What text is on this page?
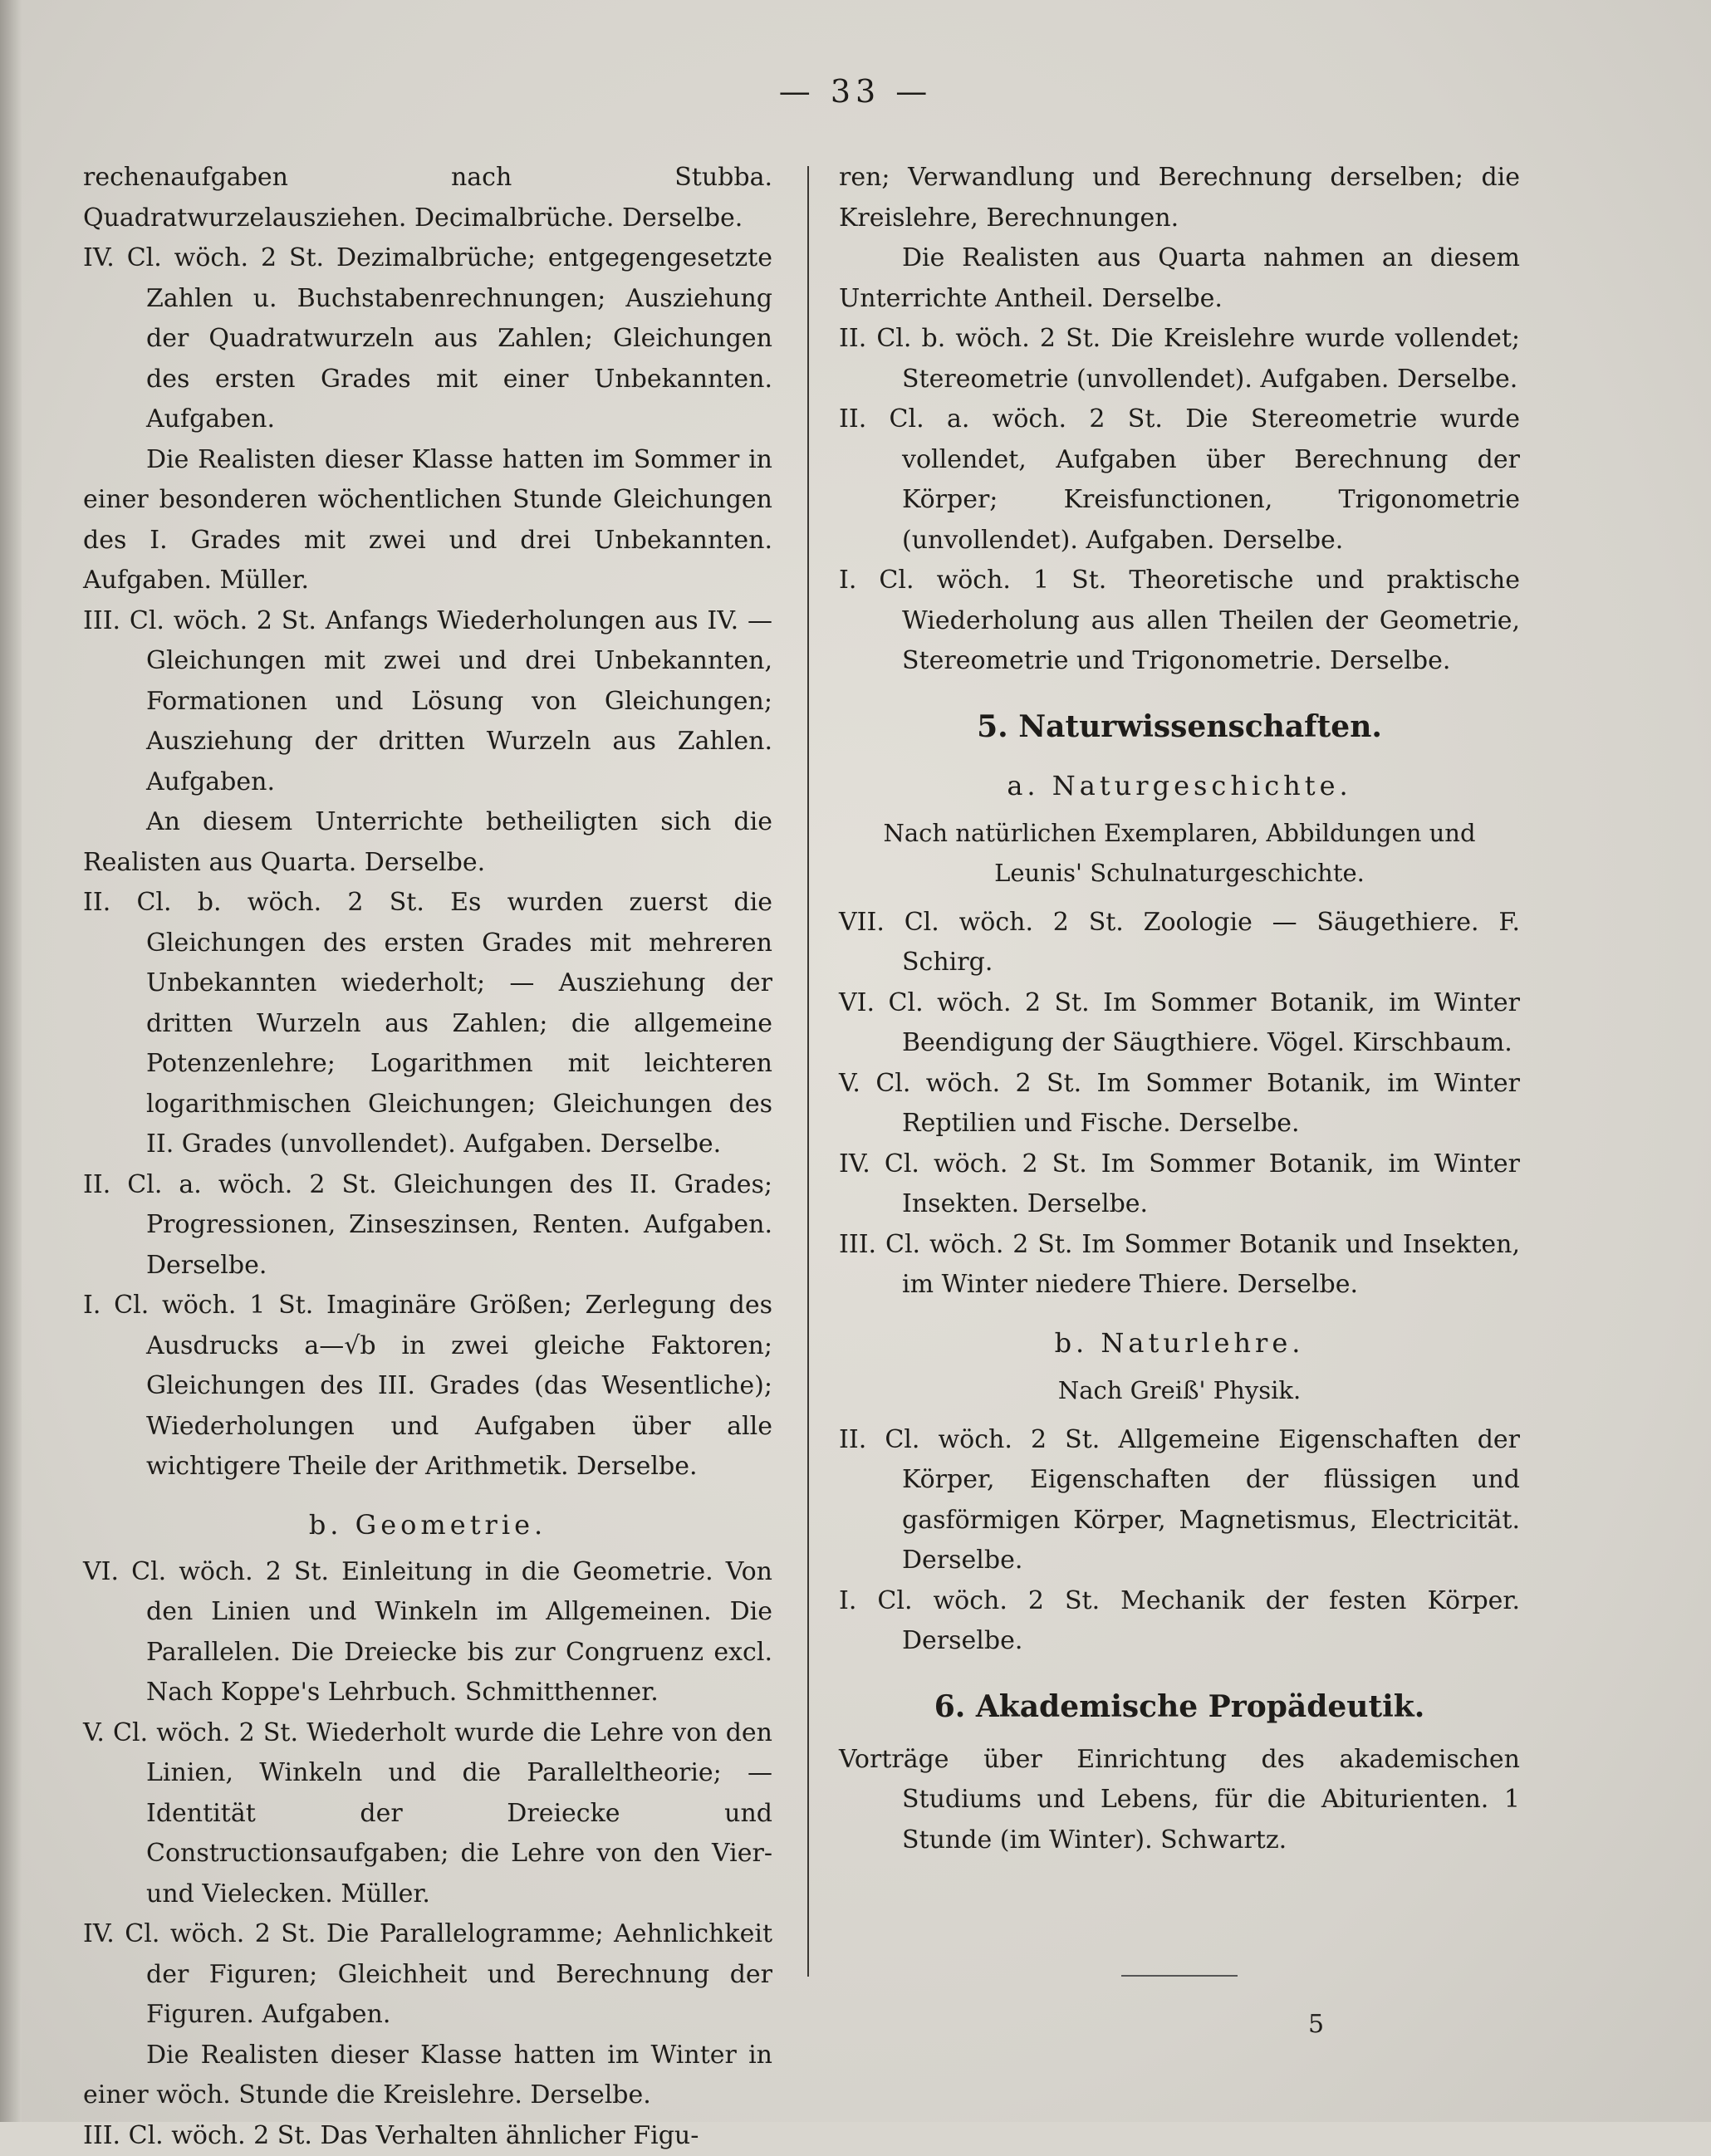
— 33 —

rechenaufgaben nach Stubba. Quadratwurzelausziehen. Decimalbrüche. Derselbe.

IV. Cl. wöch. 2 St. Dezimalbrüche; entgegengesetzte Zahlen u. Buchstabenrechnungen; Ausziehung der Quadratwurzeln aus Zahlen; Gleichungen des ersten Grades mit einer Unbekannten. Aufgaben.

Die Realisten dieser Klasse hatten im Sommer in einer besonderen wöchentlichen Stunde Gleichungen des I. Grades mit zwei und drei Unbekannten. Aufgaben. Müller.

III. Cl. wöch. 2 St. Anfangs Wiederholungen aus IV. — Gleichungen mit zwei und drei Unbekannten, Formationen und Lösung von Gleichungen; Ausziehung der dritten Wurzeln aus Zahlen. Aufgaben.

An diesem Unterrichte betheiligten sich die Realisten aus Quarta. Derselbe.

II. Cl. b. wöch. 2 St. Es wurden zuerst die Gleichungen des ersten Grades mit mehreren Unbekannten wiederholt; — Ausziehung der dritten Wurzeln aus Zahlen; die allgemeine Potenzenlehre; Logarithmen mit leichteren logarithmischen Gleichungen; Gleichungen des II. Grades (unvollendet). Aufgaben. Derselbe.

II. Cl. a. wöch. 2 St. Gleichungen des II. Grades; Progressionen, Zinseszinsen, Renten. Aufgaben. Derselbe.

I. Cl. wöch. 1 St. Imaginäre Größen; Zerlegung des Ausdrucks a—√b in zwei gleiche Faktoren; Gleichungen des III. Grades (das Wesentliche); Wiederholungen und Aufgaben über alle wichtigere Theile der Arithmetik. Derselbe.

b. Geometrie.

VI. Cl. wöch. 2 St. Einleitung in die Geometrie. Von den Linien und Winkeln im Allgemeinen. Die Parallelen. Die Dreiecke bis zur Congruenz excl. Nach Koppe's Lehrbuch. Schmitthenner.

V. Cl. wöch. 2 St. Wiederholt wurde die Lehre von den Linien, Winkeln und die Paralleltheorie; — Identität der Dreiecke und Constructionsaufgaben; die Lehre von den Vier- und Vielecken. Müller.

IV. Cl. wöch. 2 St. Die Parallelogramme; Aehnlichkeit der Figuren; Gleichheit und Berechnung der Figuren. Aufgaben.

Die Realisten dieser Klasse hatten im Winter in einer wöch. Stunde die Kreislehre. Derselbe.

III. Cl. wöch. 2 St. Das Verhalten ähnlicher Figu-

ren; Verwandlung und Berechnung derselben; die Kreislehre, Berechnungen.

Die Realisten aus Quarta nahmen an diesem Unterrichte Antheil. Derselbe.

II. Cl. b. wöch. 2 St. Die Kreislehre wurde vollendet; Stereometrie (unvollendet). Aufgaben. Derselbe.

II. Cl. a. wöch. 2 St. Die Stereometrie wurde vollendet, Aufgaben über Berechnung der Körper; Kreisfunctionen, Trigonometrie (unvollendet). Aufgaben. Derselbe.

I. Cl. wöch. 1 St. Theoretische und praktische Wiederholung aus allen Theilen der Geometrie, Stereometrie und Trigonometrie. Derselbe.

5. Naturwissenschaften.

a. Naturgeschichte.

Nach natürlichen Exemplaren, Abbildungen und Leunis' Schulnaturgeschichte.

VII. Cl. wöch. 2 St. Zoologie — Säugethiere. F. Schirg.

VI. Cl. wöch. 2 St. Im Sommer Botanik, im Winter Beendigung der Säugthiere. Vögel. Kirschbaum.

V. Cl. wöch. 2 St. Im Sommer Botanik, im Winter Reptilien und Fische. Derselbe.

IV. Cl. wöch. 2 St. Im Sommer Botanik, im Winter Insekten. Derselbe.

III. Cl. wöch. 2 St. Im Sommer Botanik und Insekten, im Winter niedere Thiere. Derselbe.

b. Naturlehre.

Nach Greiß' Physik.

II. Cl. wöch. 2 St. Allgemeine Eigenschaften der Körper, Eigenschaften der flüssigen und gasförmigen Körper, Magnetismus, Electricität. Derselbe.

I. Cl. wöch. 2 St. Mechanik der festen Körper. Derselbe.

6. Akademische Propädeutik.

Vorträge über Einrichtung des akademischen Studiums und Lebens, für die Abiturienten. 1 Stunde (im Winter). Schwartz.

5
